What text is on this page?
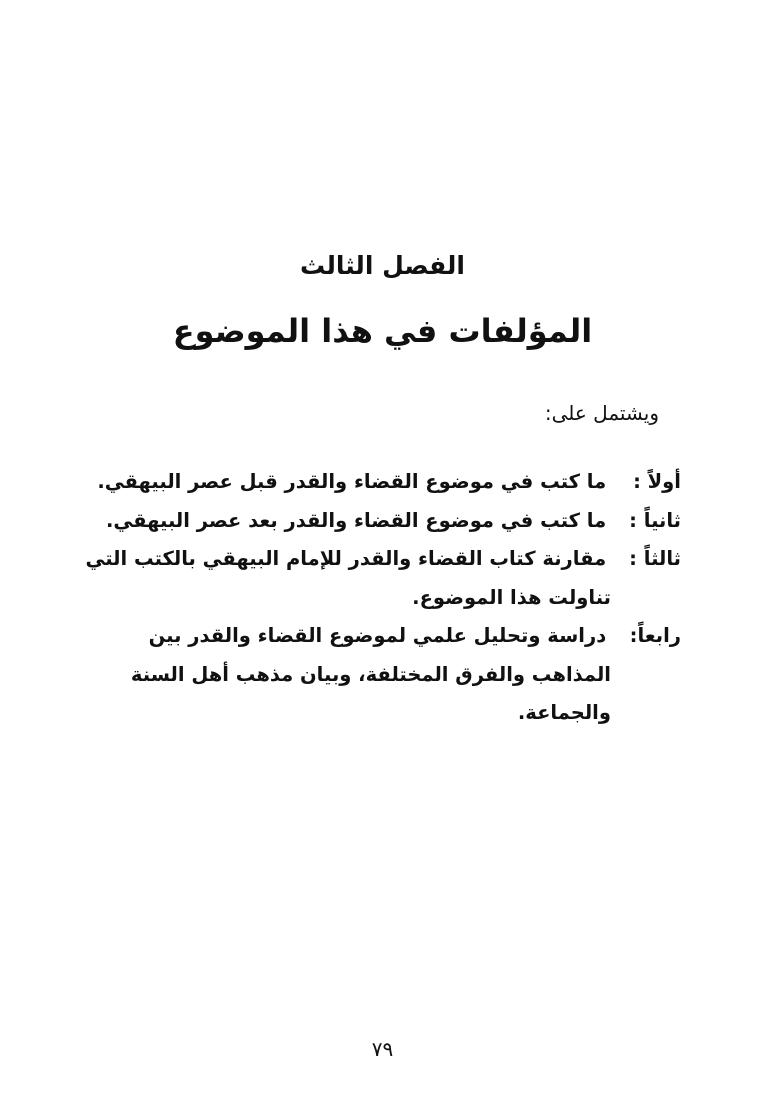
الفصل الثالث
المؤلفات في هذا الموضوع
ويشتمل على:

أولاً : ما كتب في موضوع القضاء والقدر قبل عصر البيهقي.

ثانياً : ما كتب في موضوع القضاء والقدر بعد عصر البيهقي.

ثالثاً : مقارنة كتاب القضاء والقدر للإمام البيهقي بالكتب التي تناولت هذا الموضوع.

رابعاً: دراسة وتحليل علمي لموضوع القضاء والقدر بين المذاهب والفرق المختلفة، وبيان مذهب أهل السنة والجماعة.

٧٩
